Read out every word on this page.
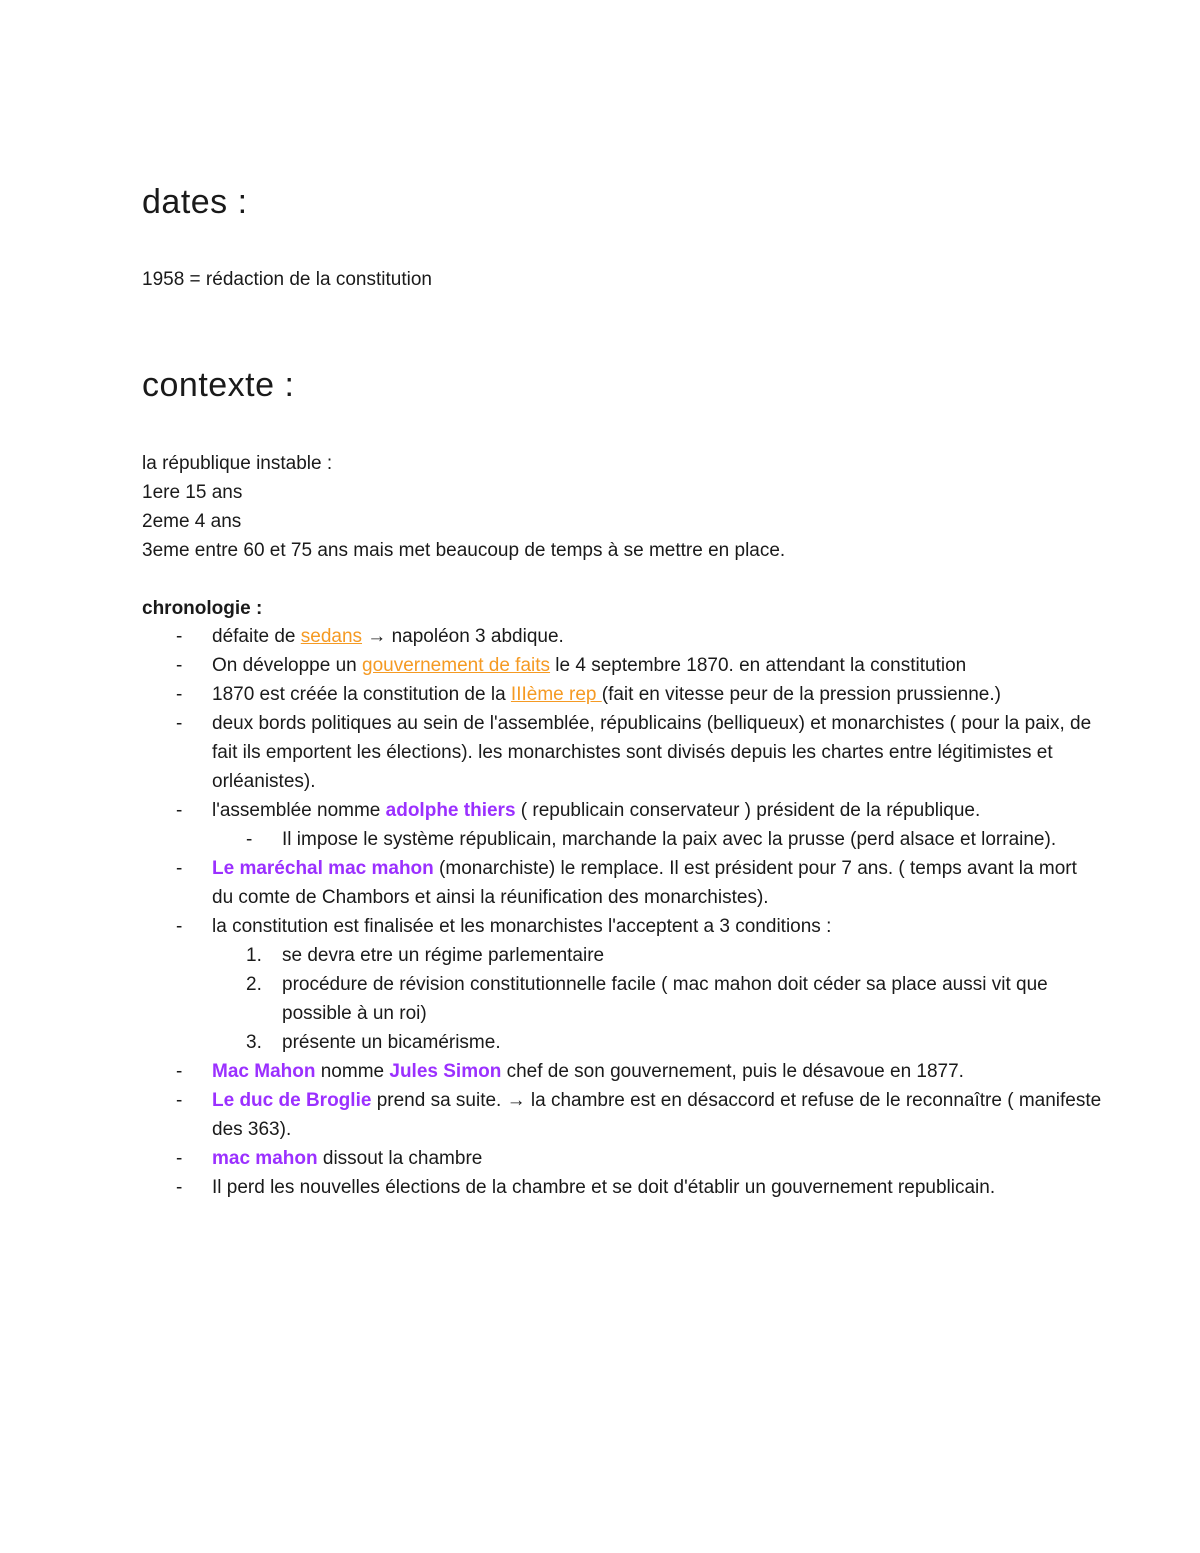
dates :

1958 = rédaction de la constitution

contexte :

la république instable :

1ere 15 ans

2eme 4 ans

3eme entre 60 et 75 ans mais met beaucoup de temps à se mettre en place.

chronologie :

- défaite de sedans → napoléon 3 abdique.
- On développe un gouvernement de faits le 4 septembre 1870. en attendant la constitution
- 1870 est créée la constitution de la IIIème rep (fait en vitesse peur de la pression prussienne.)
- deux bords politiques au sein de l'assemblée, républicains (belliqueux) et monarchistes ( pour la paix, de fait ils emportent les élections). les monarchistes sont divisés depuis les chartes entre légitimistes et orléanistes).
- l'assemblée nomme adolphe thiers ( republicain conservateur ) président de la république.
- Il impose le système républicain, marchande la paix avec la prusse (perd alsace et lorraine).
- Le maréchal mac mahon (monarchiste) le remplace. Il est président pour 7 ans. ( temps avant la mort du comte de Chambors et ainsi la réunification des monarchistes).
- la constitution est finalisée et les monarchistes l'acceptent a 3 conditions :
1. se devra etre un régime parlementaire
2. procédure de révision constitutionnelle facile ( mac mahon doit céder sa place aussi vit que possible à un roi)
3. présente un bicamérisme.
- Mac Mahon nomme Jules Simon chef de son gouvernement, puis le désavoue en 1877.
- Le duc de Broglie prend sa suite. → la chambre est en désaccord et refuse de le reconnaître ( manifeste des 363).
- mac mahon dissout la chambre
- Il perd les nouvelles élections de la chambre et se doit d'établir un gouvernement republicain.
